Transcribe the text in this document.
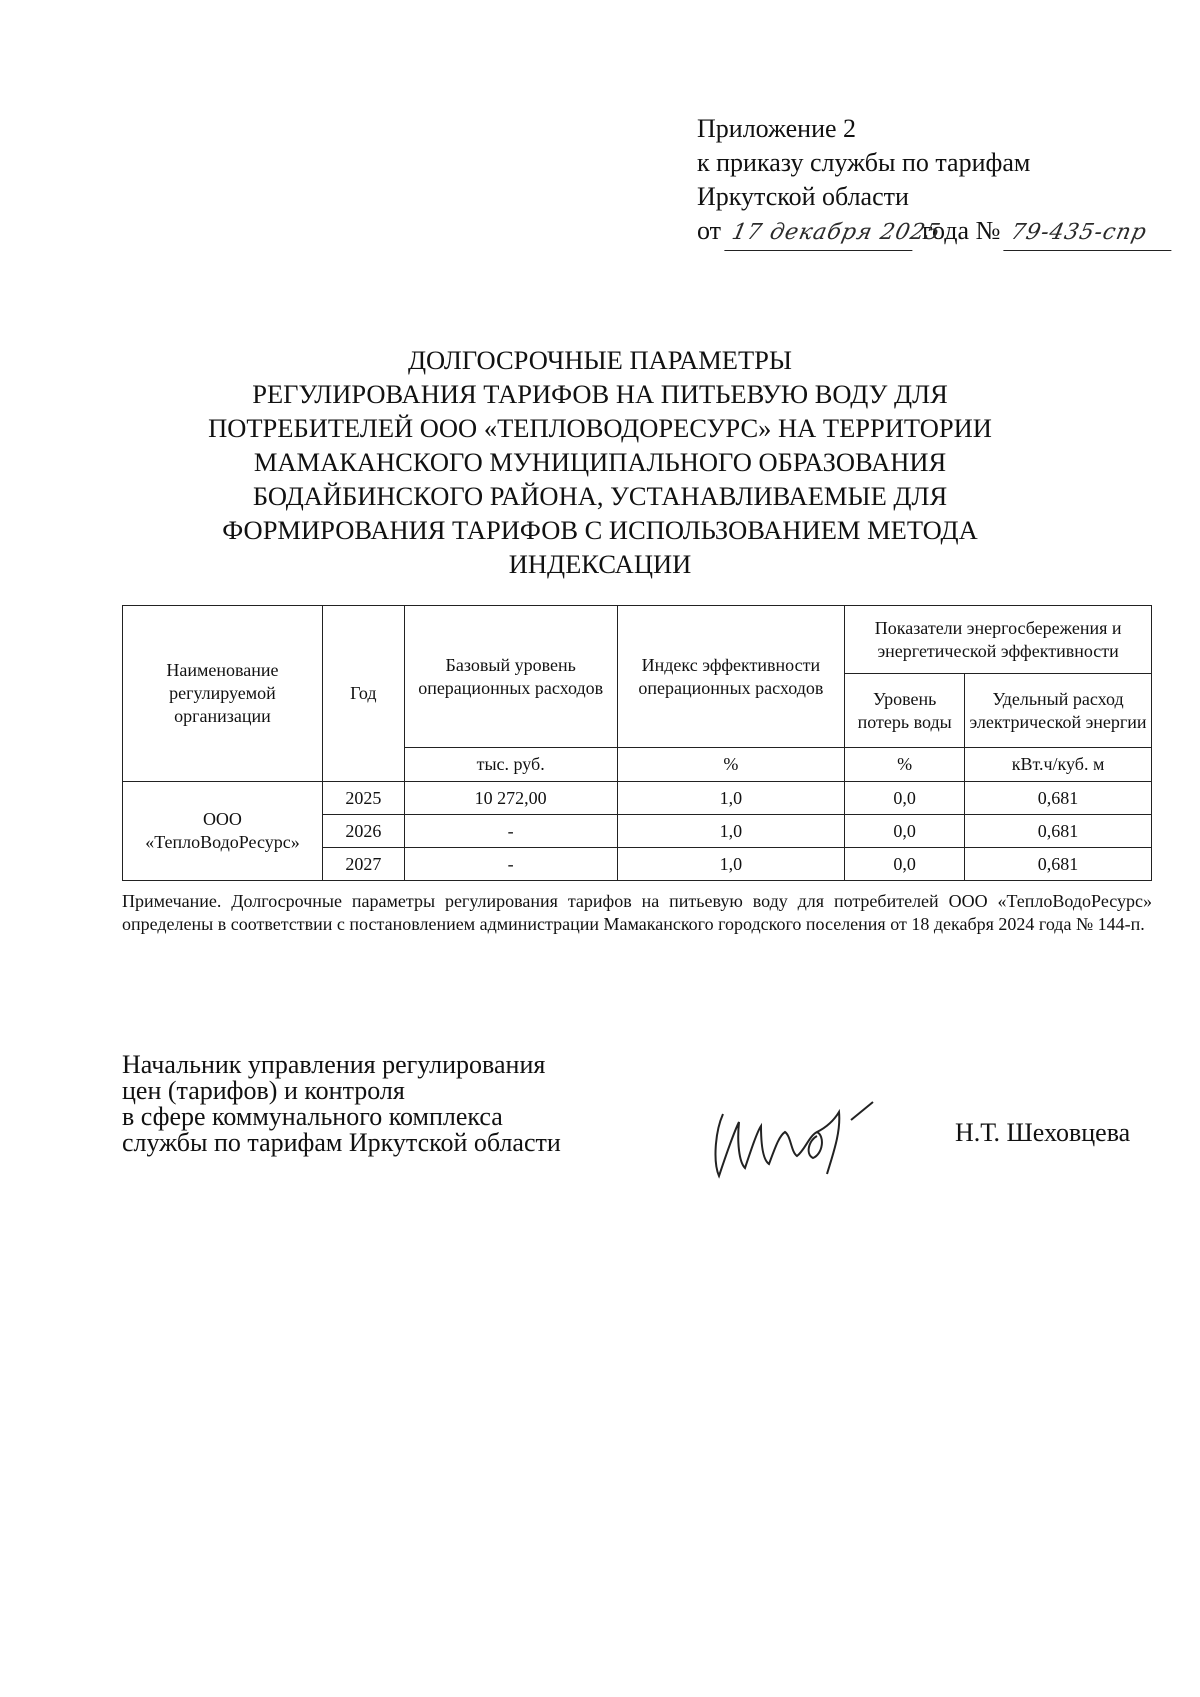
Приложение 2
к приказу службы по тарифам
Иркутской области
от 17 декабря 2025 года № 79-435-спр
ДОЛГОСРОЧНЫЕ ПАРАМЕТРЫ
РЕГУЛИРОВАНИЯ ТАРИФОВ НА ПИТЬЕВУЮ ВОДУ ДЛЯ
ПОТРЕБИТЕЛЕЙ ООО «ТЕПЛОВОДОРЕСУРС» НА ТЕРРИТОРИИ
МАМАКАНСКОГО МУНИЦИПАЛЬНОГО ОБРАЗОВАНИЯ
БОДАЙБИНСКОГО РАЙОНА, УСТАНАВЛИВАЕМЫЕ ДЛЯ
ФОРМИРОВАНИЯ ТАРИФОВ С ИСПОЛЬЗОВАНИЕМ МЕТОДА
ИНДЕКСАЦИИ
Наименование регулируемой организации	Год	Базовый уровень операционных расходов	Индекс эффективности операционных расходов	Показатели энергосбережения и энергетической эффективности	
				Уровень потерь воды	Удельный расход электрической энергии
		тыс. руб.	%	%	кВт.ч/куб. м
ООО «ТеплоВодоРесурс»	2025	10 272,00	1,0	0,0	0,681
	2026	-	1,0	0,0	0,681
	2027	-	1,0	0,0	0,681
Примечание. Долгосрочные параметры регулирования тарифов на питьевую воду для потребителей ООО «ТеплоВодоРесурс» определены в соответствии с постановлением администрации Мамаканского городского поселения от 18 декабря 2024 года № 144-п.
Начальник управления регулирования
цен (тарифов) и контроля
в сфере коммунального комплекса
службы по тарифам Иркутской области	Н.Т. Шеховцева
